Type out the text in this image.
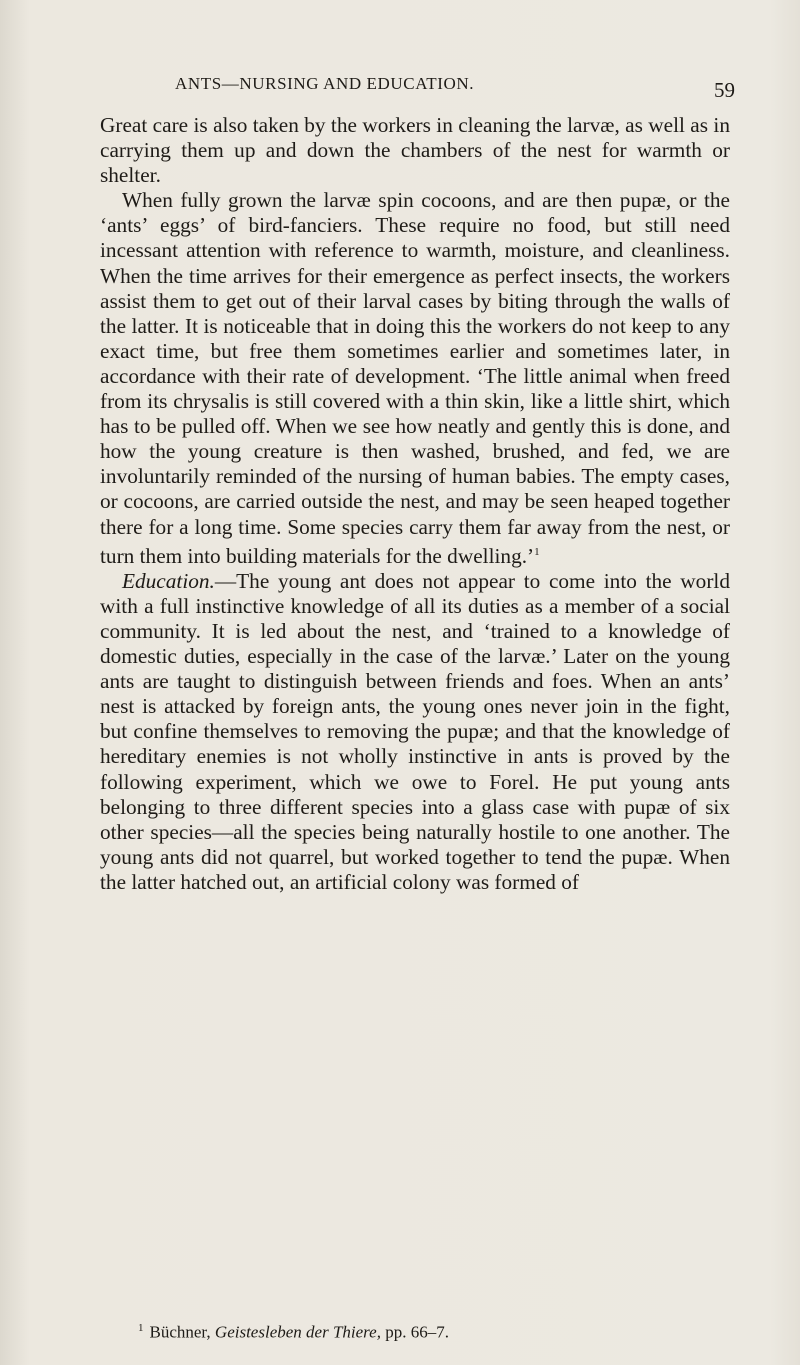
ANTS—NURSING AND EDUCATION.	59

Great care is also taken by the workers in cleaning the larvæ, as well as in carrying them up and down the chambers of the nest for warmth or shelter.

When fully grown the larvæ spin cocoons, and are then pupæ, or the ‘ants’ eggs’ of bird-fanciers. These require no food, but still need incessant attention with reference to warmth, moisture, and cleanliness. When the time arrives for their emergence as perfect insects, the workers assist them to get out of their larval cases by biting through the walls of the latter. It is noticeable that in doing this the workers do not keep to any exact time, but free them sometimes earlier and sometimes later, in accordance with their rate of development. ‘The little animal when freed from its chrysalis is still covered with a thin skin, like a little shirt, which has to be pulled off. When we see how neatly and gently this is done, and how the young creature is then washed, brushed, and fed, we are involuntarily reminded of the nursing of human babies. The empty cases, or cocoons, are carried outside the nest, and may be seen heaped together there for a long time. Some species carry them far away from the nest, or turn them into building materials for the dwelling.’$^1$

Education.—The young ant does not appear to come into the world with a full instinctive knowledge of all its duties as a member of a social community. It is led about the nest, and ‘trained to a knowledge of domestic duties, especially in the case of the larvæ.’ Later on the young ants are taught to distinguish between friends and foes. When an ants’ nest is attacked by foreign ants, the young ones never join in the fight, but confine themselves to removing the pupæ; and that the knowledge of hereditary enemies is not wholly instinctive in ants is proved by the following experiment, which we owe to Forel. He put young ants belonging to three different species into a glass case with pupæ of six other species—all the species being naturally hostile to one another. The young ants did not quarrel, but worked together to tend the pupæ. When the latter hatched out, an artificial colony was formed of

$^1$ Büchner, Geistesleben der Thiere, pp. 66–7.
